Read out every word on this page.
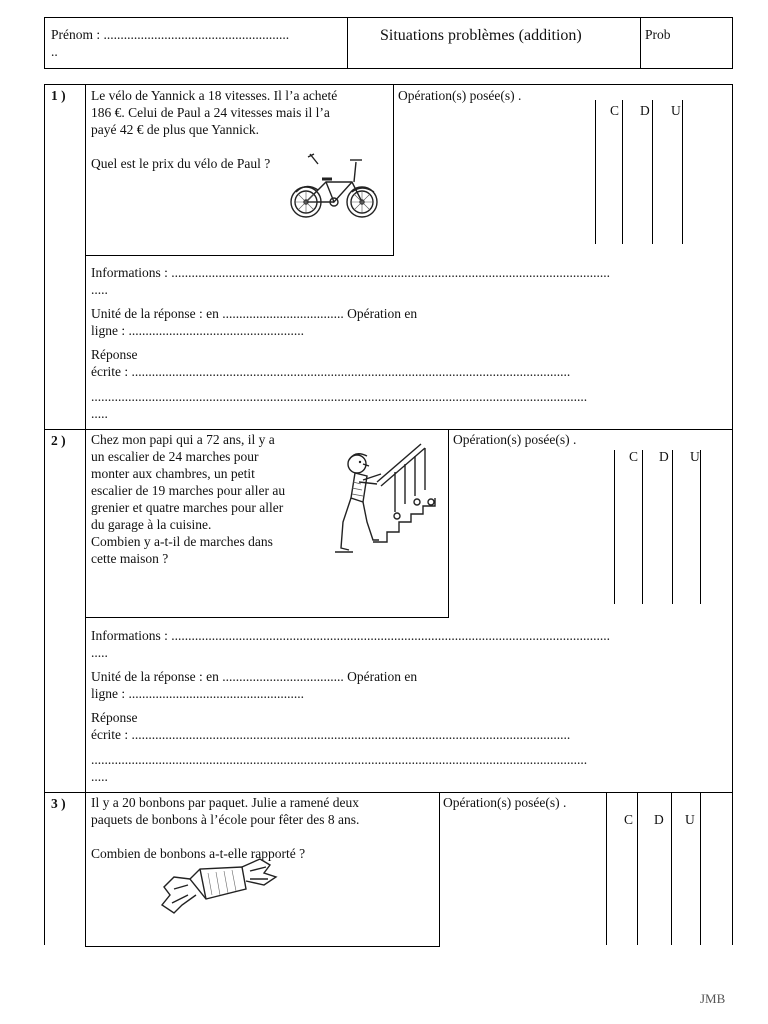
Prénom : .......................................................
..
Situations problèmes (addition)	Prob
1 ) Le vélo de Yannick a 18 vitesses. Il l’a acheté
186 €. Celui de Paul a 24 vitesses mais il l’a
payé 42 € de plus que Yannick.
Quel est le prix du vélo de Paul ?
Opération(s) posée(s) .
C D U
Informations : ..................................................................................................................................
.....
Unité de la réponse : en .................................... Opération en
ligne : ....................................................
Réponse
écrite : ..................................................................................................................................
...................................................................................................................................................
.....
2 ) Chez mon papi qui a 72 ans, il y a
un escalier de 24 marches pour
monter aux chambres, un petit
escalier de 19 marches pour aller au
grenier et quatre marches pour aller
du garage à la cuisine.
Combien y a-t-il de marches dans
cette maison ?
Opération(s) posée(s) .
C D U
Informations : ..................................................................................................................................
.....
Unité de la réponse : en .................................... Opération en
ligne : ....................................................
Réponse
écrite : ..................................................................................................................................
...................................................................................................................................................
.....
3 ) Il y a 20 bonbons par paquet. Julie a ramené deux
paquets de bonbons à l’école pour fêter des 8 ans.
Combien de bonbons a-t-elle rapporté ?
Opération(s) posée(s) .
C D U
JMB
